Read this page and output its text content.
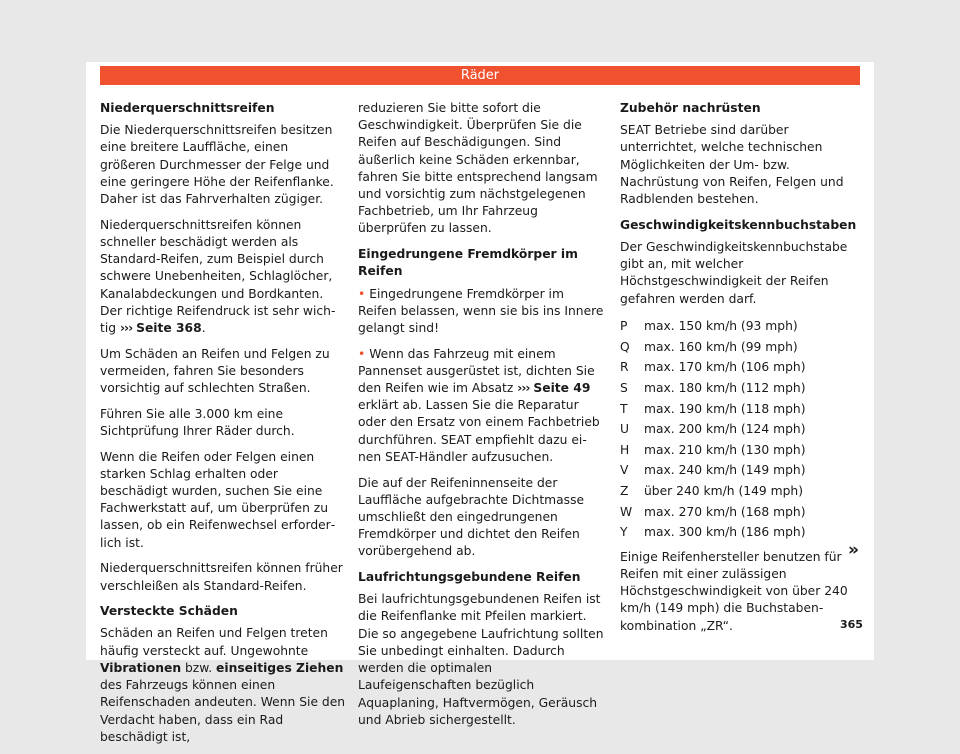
Räder
Niederquerschnittsreifen

Die Niederquerschnittsreifen besitzen eine breitere Lauffläche, einen größeren Durchmesser der Felge und eine geringere Höhe der Reifenflanke. Daher ist das Fahrverhalten zügiger.

Niederquerschnittsreifen können schneller beschädigt werden als Standard-Reifen, zum Beispiel durch schwere Unebenheiten, Schlaglöcher, Kanalabdeckungen und Bordkanten. Der richtige Reifendruck ist sehr wichtig ››› Seite 368.

Um Schäden an Reifen und Felgen zu vermeiden, fahren Sie besonders vorsichtig auf schlechten Straßen.

Führen Sie alle 3.000 km eine Sichtprüfung Ihrer Räder durch.

Wenn die Reifen oder Felgen einen starken Schlag erhalten oder beschädigt wurden, suchen Sie eine Fachwerkstatt auf, um überprüfen zu lassen, ob ein Reifenwechsel erforderlich ist.

Niederquerschnittsreifen können früher verschleißen als Standard-Reifen.

Versteckte Schäden

Schäden an Reifen und Felgen treten häufig versteckt auf. Ungewohnte Vibrationen bzw. einseitiges Ziehen des Fahrzeugs können einen Reifenschaden andeuten. Wenn Sie den Verdacht haben, dass ein Rad beschädigt ist,

reduzieren Sie bitte sofort die Geschwindigkeit. Überprüfen Sie die Reifen auf Beschädigungen. Sind äußerlich keine Schäden erkennbar, fahren Sie bitte entsprechend langsam und vorsichtig zum nächstgelegenen Fachbetrieb, um Ihr Fahrzeug überprüfen zu lassen.

Eingedrungene Fremdkörper im Reifen

• Eingedrungene Fremdkörper im Reifen belassen, wenn sie bis ins Innere gelangt sind!

• Wenn das Fahrzeug mit einem Pannenset ausgerüstet ist, dichten Sie den Reifen wie im Absatz ››› Seite 49 erklärt ab. Lassen Sie die Reparatur oder den Ersatz von einem Fachbetrieb durchführen. SEAT empfiehlt dazu einen SEAT-Händler aufzusuchen.

Die auf der Reifeninnenseite der Lauffläche aufgebrachte Dichtmasse umschließt den eingedrungenen Fremdkörper und dichtet den Reifen vorübergehend ab.

Laufrichtungsgebundene Reifen

Bei laufrichtungsgebundenen Reifen ist die Reifenflanke mit Pfeilen markiert. Die so angegebene Laufrichtung sollten Sie unbedingt einhalten. Dadurch werden die optimalen Laufeigenschaften bezüglich Aquaplaning, Haftvermögen, Geräusch und Abrieb sichergestellt.

Zubehör nachrüsten

SEAT Betriebe sind darüber unterrichtet, welche technischen Möglichkeiten der Um- bzw. Nachrüstung von Reifen, Felgen und Radblenden bestehen.

Geschwindigkeitskennbuchstaben

Der Geschwindigkeitskennbuchstabe gibt an, mit welcher Höchstgeschwindigkeit der Reifen gefahren werden darf.

P max. 150 km/h (93 mph)
Q max. 160 km/h (99 mph)
R max. 170 km/h (106 mph)
S max. 180 km/h (112 mph)
T max. 190 km/h (118 mph)
U max. 200 km/h (124 mph)
H max. 210 km/h (130 mph)
V max. 240 km/h (149 mph)
Z über 240 km/h (149 mph)
W max. 270 km/h (168 mph)
Y max. 300 km/h (186 mph)

Einige Reifenhersteller benutzen für Reifen mit einer zulässigen Höchstgeschwindigkeit von über 240 km/h (149 mph) die Buchstabenkombination „ZR“.

»
365
